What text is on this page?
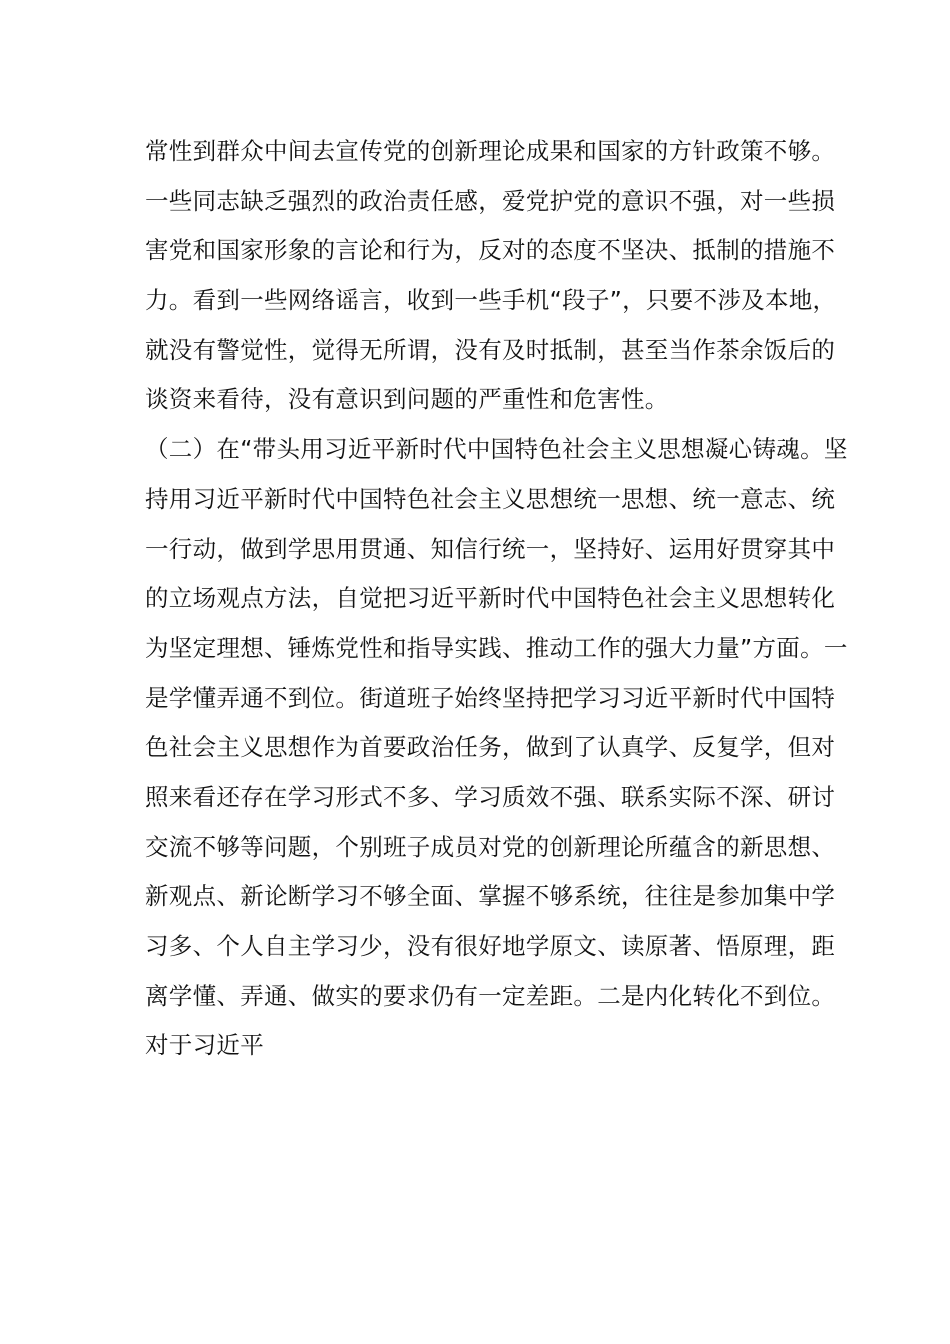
常性到群众中间去宣传党的创新理论成果和国家的方针政策不够。
一些同志缺乏强烈的政治责任感，爱党护党的意识不强，对一些损
害党和国家形象的言论和行为，反对的态度不坚决、抵制的措施不
力。看到一些网络谣言，收到一些手机“段子”，只要不涉及本地，
就没有警觉性，觉得无所谓，没有及时抵制，甚至当作茶余饭后的
谈资来看待，没有意识到问题的严重性和危害性。
（二）在“带头用习近平新时代中国特色社会主义思想凝心铸魂。坚
持用习近平新时代中国特色社会主义思想统一思想、统一意志、统
一行动，做到学思用贯通、知信行统一，坚持好、运用好贯穿其中
的立场观点方法，自觉把习近平新时代中国特色社会主义思想转化
为坚定理想、锤炼党性和指导实践、推动工作的强大力量”方面。一
是学懂弄通不到位。街道班子始终坚持把学习习近平新时代中国特
色社会主义思想作为首要政治任务，做到了认真学、反复学，但对
照来看还存在学习形式不多、学习质效不强、联系实际不深、研讨
交流不够等问题，个别班子成员对党的创新理论所蕴含的新思想、
新观点、新论断学习不够全面、掌握不够系统，往往是参加集中学
习多、个人自主学习少，没有很好地学原文、读原著、悟原理，距
离学懂、弄通、做实的要求仍有一定差距。二是内化转化不到位。
对于习近平
